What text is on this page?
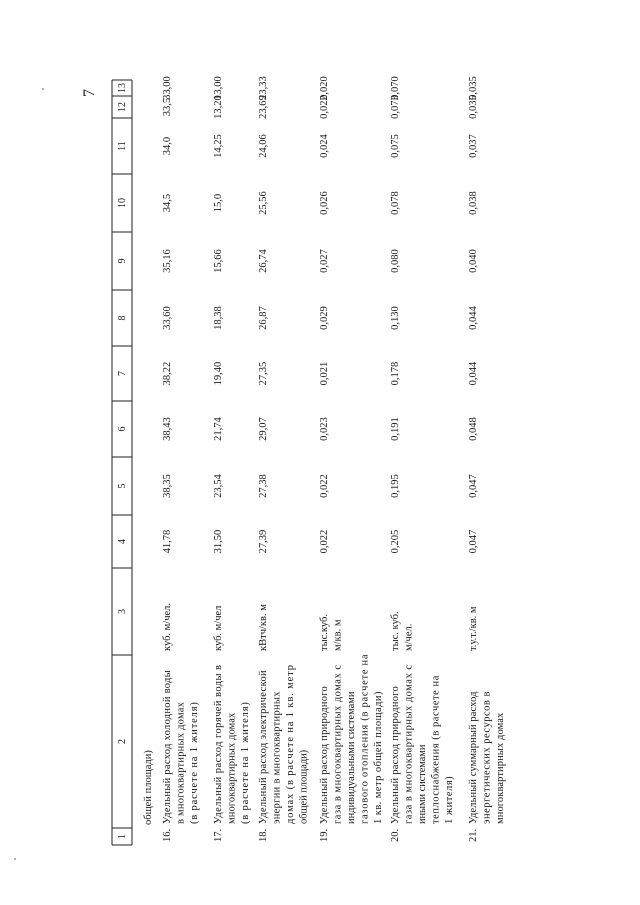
7
1
2
3
4
5
6
7
8
9
10
11
12
13
общей площади)
16.
Удельный расход холодной воды
в многоквартирных домах
(в расчете на 1 жителя)
куб. м/чел.
41,78
38,35
38,43
38,22
33,60
35,16
34,5
34,0
33,5
33,00
17.
Удельный расход горячей воды в
многоквартирных домах
(в расчете на 1 жителя)
куб. м/чел
31,50
23,54
21,74
19,40
18,38
15,66
15,0
14,25
13,20
13,00
18.
Удельный расход электрической
энергии в многоквартирных
домах (в расчете на 1 кв. метр
общей площади)
кВтч/кв. м
27,39
27,38
29,07
27,35
26,87
26,74
25,56
24,06
23,69
23,33
19.
Удельный расход природного
газа в многоквартирных домах с
индивидуальными системами
газового отопления (в расчете на
1 кв. метр общей площади)
тыс.куб. м/кв. м
0,022
0,022
0,023
0,021
0,029
0,027
0,026
0,024
0,022
0,020
20.
Удельный расход природного
газа в многоквартирных домах с
иными системами
теплоснабжения (в расчете на
1 жителя)
тыс. куб. м/чел.
0,205
0,195
0,191
0,178
0,130
0,080
0,078
0,075
0,073
0,070
21.
Удельный суммарный расход
энергетических ресурсов в
многоквартирных домах
т.у.т./кв. м
0,047
0,047
0,048
0,044
0,044
0,040
0,038
0,037
0,035
0,035
